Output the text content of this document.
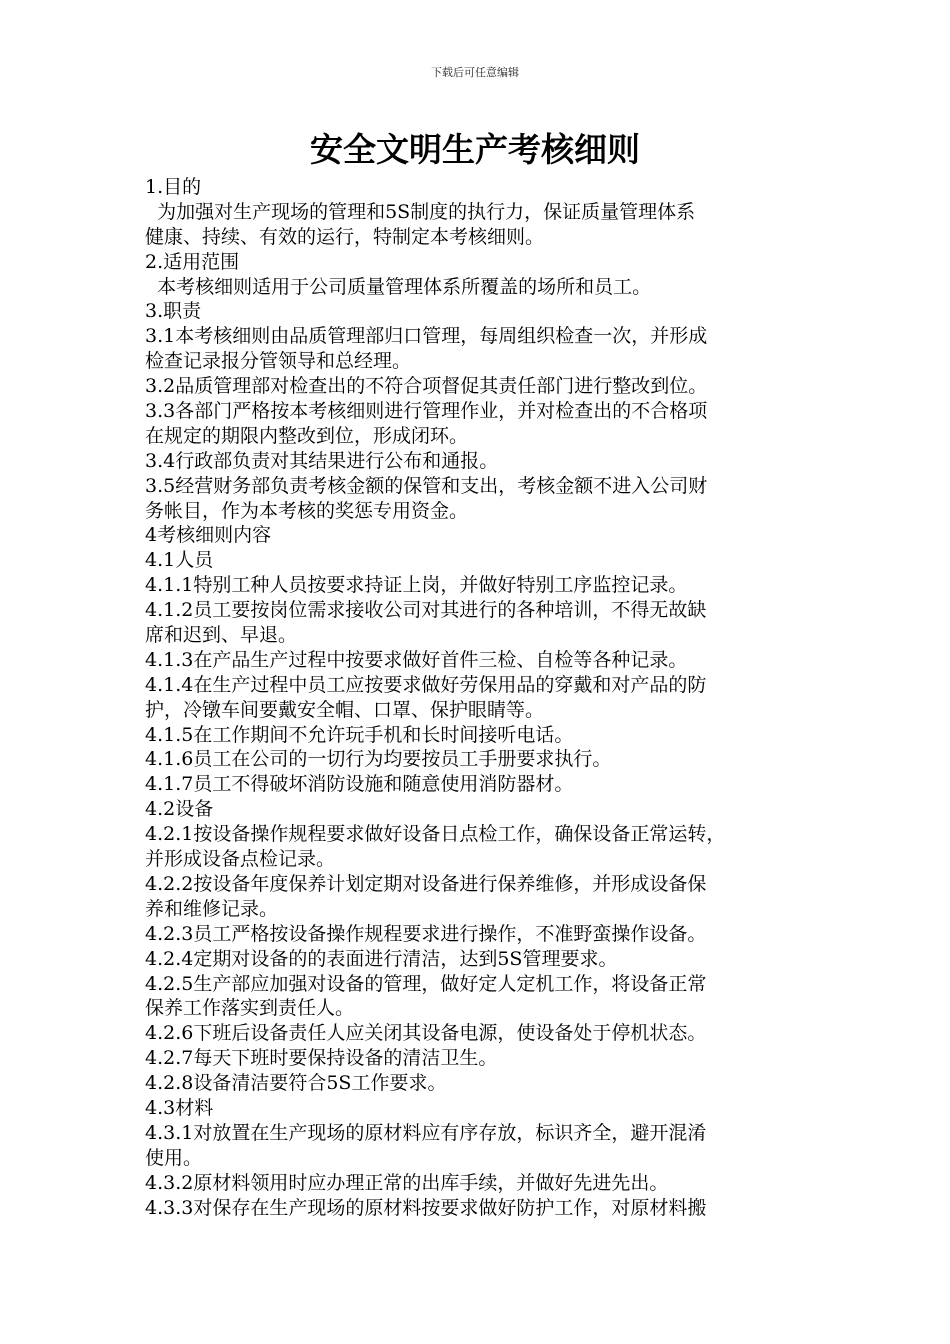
下载后可任意编辑
安全文明生产考核细则
1.目的
为加强对生产现场的管理和5S制度的执行力，保证质量管理体系
健康、持续、有效的运行，特制定本考核细则。
2.适用范围
本考核细则适用于公司质量管理体系所覆盖的场所和员工。
3.职责
3.1本考核细则由品质管理部归口管理，每周组织检查一次，并形成
检查记录报分管领导和总经理。
3.2品质管理部对检查出的不符合项督促其责任部门进行整改到位。
3.3各部门严格按本考核细则进行管理作业，并对检查出的不合格项
在规定的期限内整改到位，形成闭环。
3.4行政部负责对其结果进行公布和通报。
3.5经营财务部负责考核金额的保管和支出，考核金额不进入公司财
务帐目，作为本考核的奖惩专用资金。
4考核细则内容
4.1人员
4.1.1特别工种人员按要求持证上岗，并做好特别工序监控记录。
4.1.2员工要按岗位需求接收公司对其进行的各种培训，不得无故缺
席和迟到、早退。
4.1.3在产品生产过程中按要求做好首件三检、自检等各种记录。
4.1.4在生产过程中员工应按要求做好劳保用品的穿戴和对产品的防
护，冷镦车间要戴安全帽、口罩、保护眼睛等。
4.1.5在工作期间不允许玩手机和长时间接听电话。
4.1.6员工在公司的一切行为均要按员工手册要求执行。
4.1.7员工不得破坏消防设施和随意使用消防器材。
4.2设备
4.2.1按设备操作规程要求做好设备日点检工作，确保设备正常运转，
并形成设备点检记录。
4.2.2按设备年度保养计划定期对设备进行保养维修，并形成设备保
养和维修记录。
4.2.3员工严格按设备操作规程要求进行操作，不准野蛮操作设备。
4.2.4定期对设备的的表面进行清洁，达到5S管理要求。
4.2.5生产部应加强对设备的管理，做好定人定机工作，将设备正常
保养工作落实到责任人。
4.2.6下班后设备责任人应关闭其设备电源，使设备处于停机状态。
4.2.7每天下班时要保持设备的清洁卫生。
4.2.8设备清洁要符合5S工作要求。
4.3材料
4.3.1对放置在生产现场的原材料应有序存放，标识齐全，避开混淆
使用。
4.3.2原材料领用时应办理正常的出库手续，并做好先进先出。
4.3.3对保存在生产现场的原材料按要求做好防护工作，对原材料搬
